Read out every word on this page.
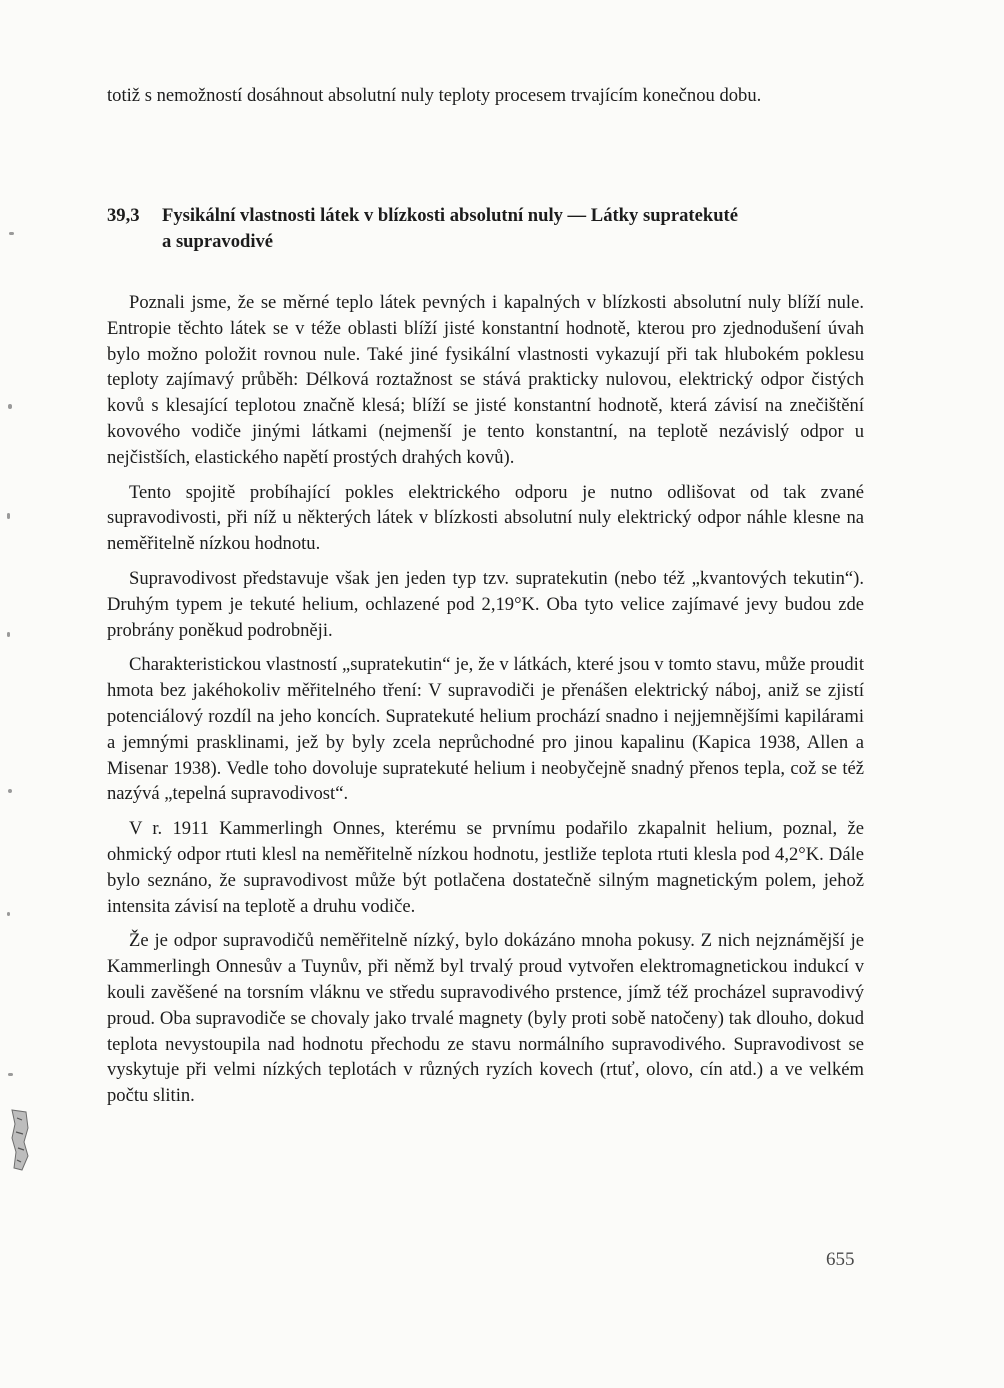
totiž s nemožností dosáhnout absolutní nuly teploty procesem trvajícím konečnou dobu.
39,3 Fysikální vlastnosti látek v blízkosti absolutní nuly — Látky supratekuté
a supravodivé

Poznali jsme, že se měrné teplo látek pevných i kapalných v blízkosti absolutní nuly blíží nule. Entropie těchto látek se v téže oblasti blíží jisté konstantní hodnotě, kterou pro zjednodušení úvah bylo možno položit rovnou nule. Také jiné fysikální vlastnosti vykazují při tak hlubokém poklesu teploty zajímavý průběh: Délková roztažnost se stává prakticky nulovou, elektrický odpor čistých kovů s klesající teplotou značně klesá; blíží se jisté konstantní hodnotě, která závisí na znečištění kovového vodiče jinými látkami (nejmenší je tento konstantní, na teplotě nezávislý odpor u nejčistších, elastického napětí prostých drahých kovů).

Tento spojitě probíhající pokles elektrického odporu je nutno odlišovat od tak zvané supravodivosti, při níž u některých látek v blízkosti absolutní nuly elektrický odpor náhle klesne na neměřitelně nízkou hodnotu.

Supravodivost představuje však jen jeden typ tzv. supratekutin (nebo též „kvantových tekutin“). Druhým typem je tekuté helium, ochlazené pod 2,19°K. Oba tyto velice zajímavé jevy budou zde probrány poněkud podrobněji.

Charakteristickou vlastností „supratekutin“ je, že v látkách, které jsou v tomto stavu, může proudit hmota bez jakéhokoliv měřitelného tření: V supravodiči je přenášen elektrický náboj, aniž se zjistí potenciálový rozdíl na jeho koncích. Supratekuté helium prochází snadno i nejjemnějšími kapilárami a jemnými prasklinami, jež by byly zcela neprůchodné pro jinou kapalinu (Kapica 1938, Allen a Misenar 1938). Vedle toho dovoluje supratekuté helium i neobyčejně snadný přenos tepla, což se též nazývá „tepelná supravodivost“.

V r. 1911 Kammerlingh Onnes, kterému se prvnímu podařilo zkapalnit helium, poznal, že ohmický odpor rtuti klesl na neměřitelně nízkou hodnotu, jestliže teplota rtuti klesla pod 4,2°K. Dále bylo seznáno, že supravodivost může být potlačena dostatečně silným magnetickým polem, jehož intensita závisí na teplotě a druhu vodiče.

Že je odpor supravodičů neměřitelně nízký, bylo dokázáno mnoha pokusy. Z nich nejznámější je Kammerlingh Onnesův a Tuynův, při němž byl trvalý proud vytvořen elektromagnetickou indukcí v kouli zavěšené na torsním vláknu ve středu supravodivého prstence, jímž též procházel supravodivý proud. Oba supravodiče se chovaly jako trvalé magnety (byly proti sobě natočeny) tak dlouho, dokud teplota nevystoupila nad hodnotu přechodu ze stavu normálního supravodivého. Supravodivost se vyskytuje při velmi nízkých teplotách v různých ryzích kovech (rtuť, olovo, cín atd.) a ve velkém počtu slitin.

655
